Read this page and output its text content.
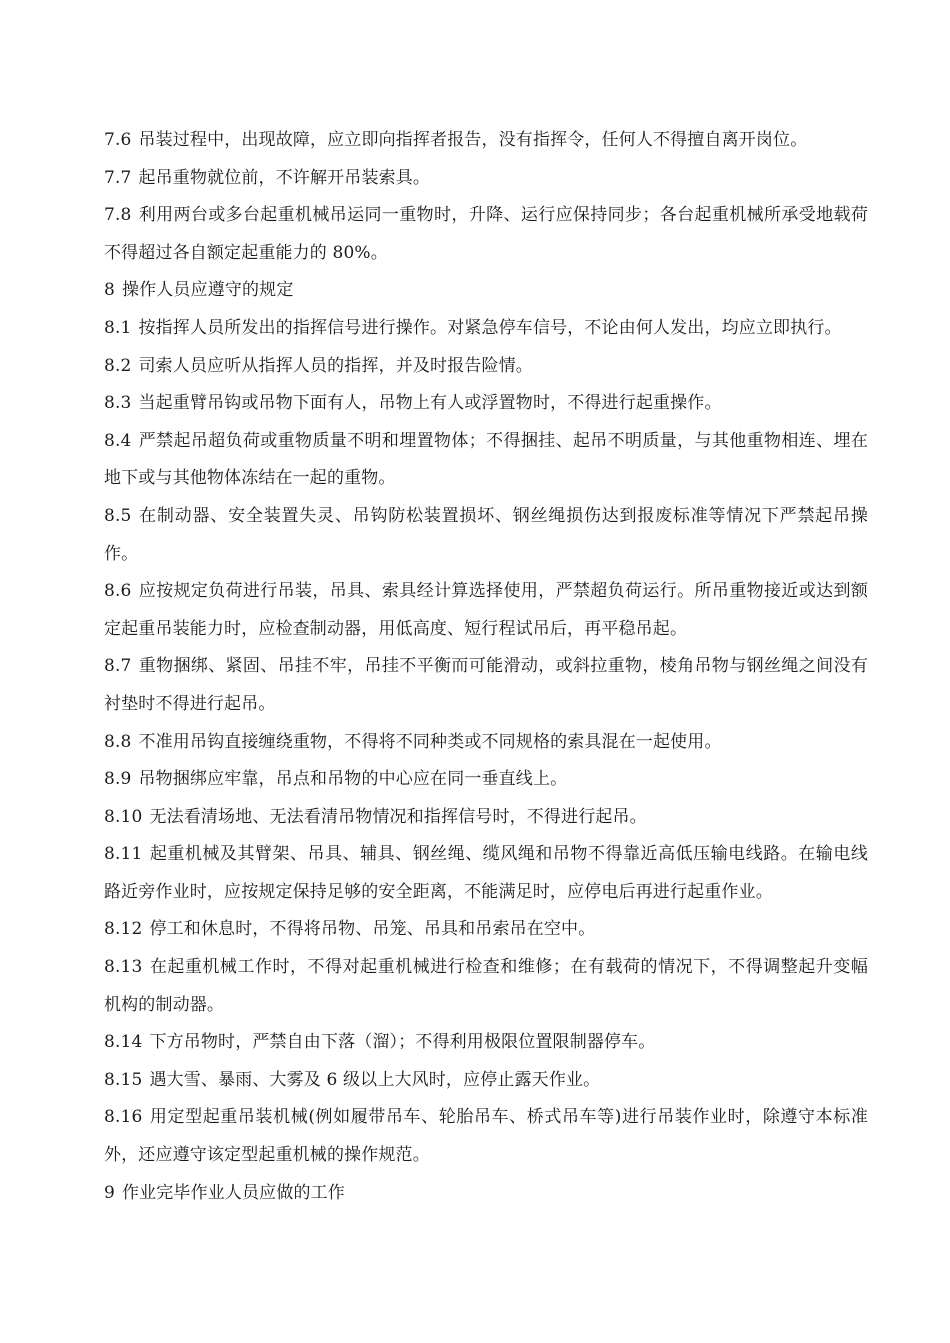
7.6 吊装过程中，出现故障，应立即向指挥者报告，没有指挥令，任何人不得擅自离开岗位。

7.7 起吊重物就位前，不许解开吊装索具。

7.8 利用两台或多台起重机械吊运同一重物时，升降、运行应保持同步；各台起重机械所承受地载荷不得超过各自额定起重能力的 80%。

8 操作人员应遵守的规定

8.1 按指挥人员所发出的指挥信号进行操作。对紧急停车信号，不论由何人发出，均应立即执行。

8.2 司索人员应听从指挥人员的指挥，并及时报告险情。

8.3 当起重臂吊钩或吊物下面有人，吊物上有人或浮置物时，不得进行起重操作。

8.4 严禁起吊超负荷或重物质量不明和埋置物体；不得捆挂、起吊不明质量，与其他重物相连、埋在地下或与其他物体冻结在一起的重物。

8.5 在制动器、安全装置失灵、吊钩防松装置损坏、钢丝绳损伤达到报废标准等情况下严禁起吊操作。

8.6 应按规定负荷进行吊装，吊具、索具经计算选择使用，严禁超负荷运行。所吊重物接近或达到额定起重吊装能力时，应检查制动器，用低高度、短行程试吊后，再平稳吊起。

8.7 重物捆绑、紧固、吊挂不牢，吊挂不平衡而可能滑动，或斜拉重物，棱角吊物与钢丝绳之间没有衬垫时不得进行起吊。

8.8 不准用吊钩直接缠绕重物，不得将不同种类或不同规格的索具混在一起使用。

8.9 吊物捆绑应牢靠，吊点和吊物的中心应在同一垂直线上。

8.10 无法看清场地、无法看清吊物情况和指挥信号时，不得进行起吊。

8.11 起重机械及其臂架、吊具、辅具、钢丝绳、缆风绳和吊物不得靠近高低压输电线路。在输电线路近旁作业时，应按规定保持足够的安全距离，不能满足时，应停电后再进行起重作业。

8.12 停工和休息时，不得将吊物、吊笼、吊具和吊索吊在空中。

8.13 在起重机械工作时，不得对起重机械进行检查和维修；在有载荷的情况下，不得调整起升变幅机构的制动器。

8.14 下方吊物时，严禁自由下落（溜）；不得利用极限位置限制器停车。

8.15 遇大雪、暴雨、大雾及 6 级以上大风时，应停止露天作业。

8.16 用定型起重吊装机械(例如履带吊车、轮胎吊车、桥式吊车等)进行吊装作业时，除遵守本标准外，还应遵守该定型起重机械的操作规范。

9 作业完毕作业人员应做的工作
